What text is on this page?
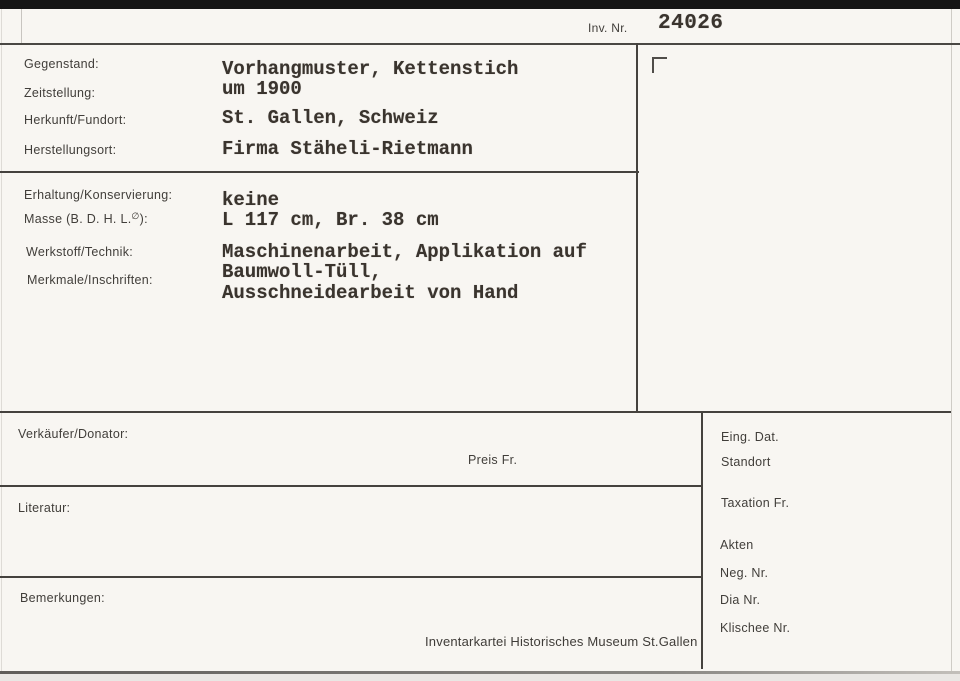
Inv. Nr. 24026
Gegenstand:
Zeitstellung:
Herkunft/Fundort:
Herstellungsort:
Vorhangmuster, Kettenstich
um 1900
St. Gallen, Schweiz
Firma Stäheli-Rietmann
Erhaltung/Konservierung:
Masse (B. D. H. L.∅):
Werkstoff/Technik:
Merkmale/Inschriften:
keine
L 117 cm, Br. 38 cm
Maschinenarbeit, Applikation auf
Baumwoll-Tüll,
Ausschneidearbeit von Hand
Verkäufer/Donator:
Preis Fr.
Literatur:
Bemerkungen:
Inventarkartei Historisches Museum St.Gallen
Eing. Dat.
Standort
Taxation Fr.
Akten
Neg. Nr.
Dia Nr.
Klischee Nr.
